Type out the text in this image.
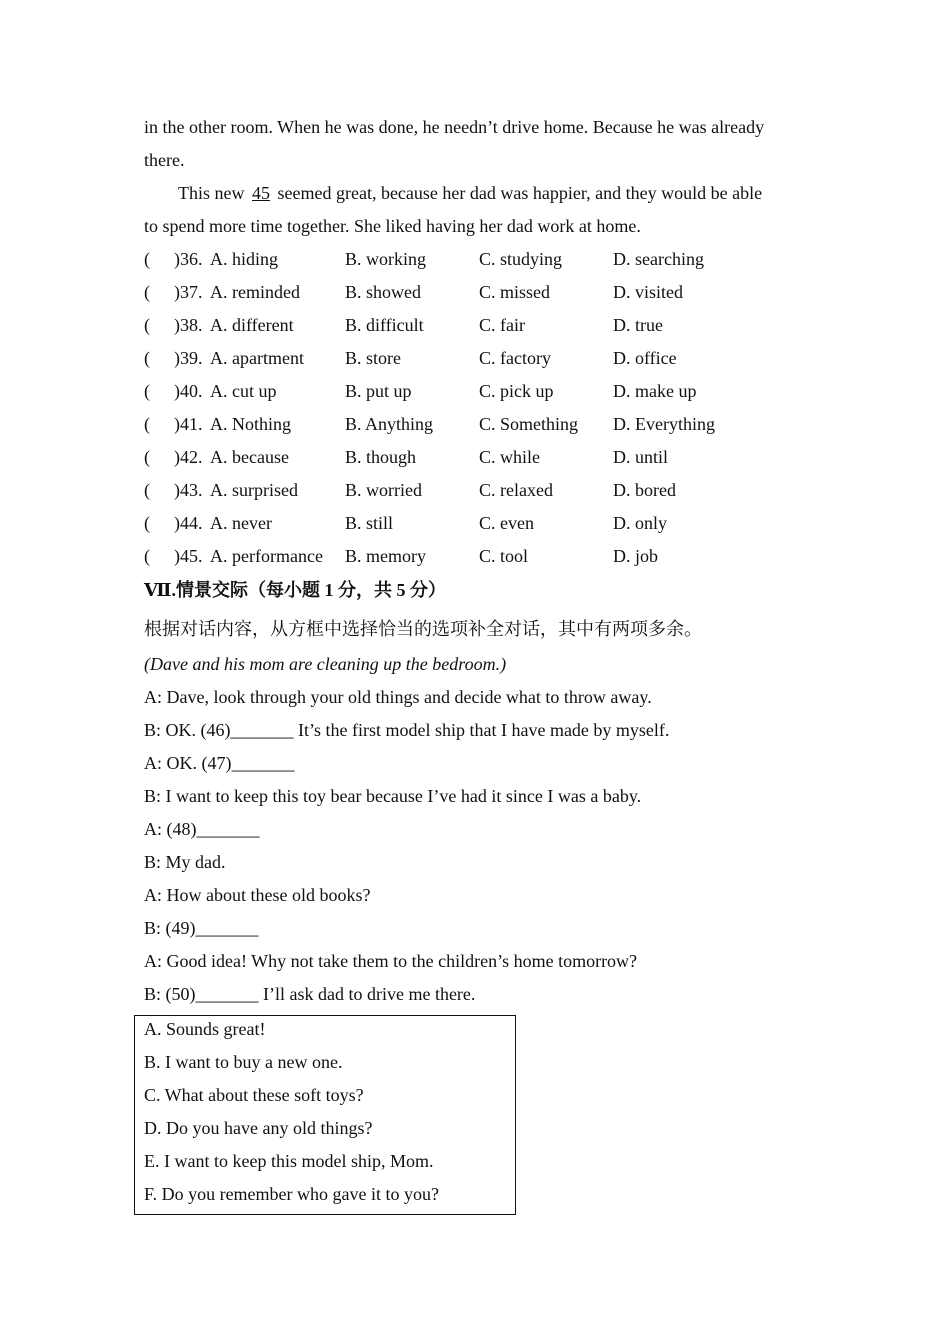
in the other room. When he was done, he needn’t drive home. Because he was already
there.
This new 45 seemed great, because her dad was happier, and they would be able
to spend more time together. She liked having her dad work at home.
( )36. A. hiding	B. working	C. studying	D. searching
( )37. A. reminded	B. showed	C. missed	D. visited
( )38. A. different	B. difficult	C. fair	D. true
( )39. A. apartment B. store	C. factory	D. office
( )40. A. cut up	B. put up	C. pick up	D. make up
( )41. A. Nothing	B. Anything	C. Something D. Everything
( )42. A. because	B. though	C. while	D. until
( )43. A. surprised	B. worried	C. relaxed	D. bored
( )44. A. never	B. still	C. even	D. only
( )45. A. performance B. memory	C. tool	D. job
Ⅶ.情景交际（每小题 1 分，共 5 分）
根据对话内容，从方框中选择恰当的选项补全对话，其中有两项多余。
(Dave and his mom are cleaning up the bedroom.)
A: Dave, look through your old things and decide what to throw away.
B: OK. (46)_______ It’s the first model ship that I have made by myself.
A: OK. (47)_______
B: I want to keep this toy bear because I’ve had it since I was a baby.
A: (48)_______
B: My dad.
A: How about these old books?
B: (49)_______
A: Good idea! Why not take them to the children’s home tomorrow?
B: (50)_______ I’ll ask dad to drive me there.
A. Sounds great!
B. I want to buy a new one.
C. What about these soft toys?
D. Do you have any old things?
E. I want to keep this model ship, Mom.
F. Do you remember who gave it to you?
